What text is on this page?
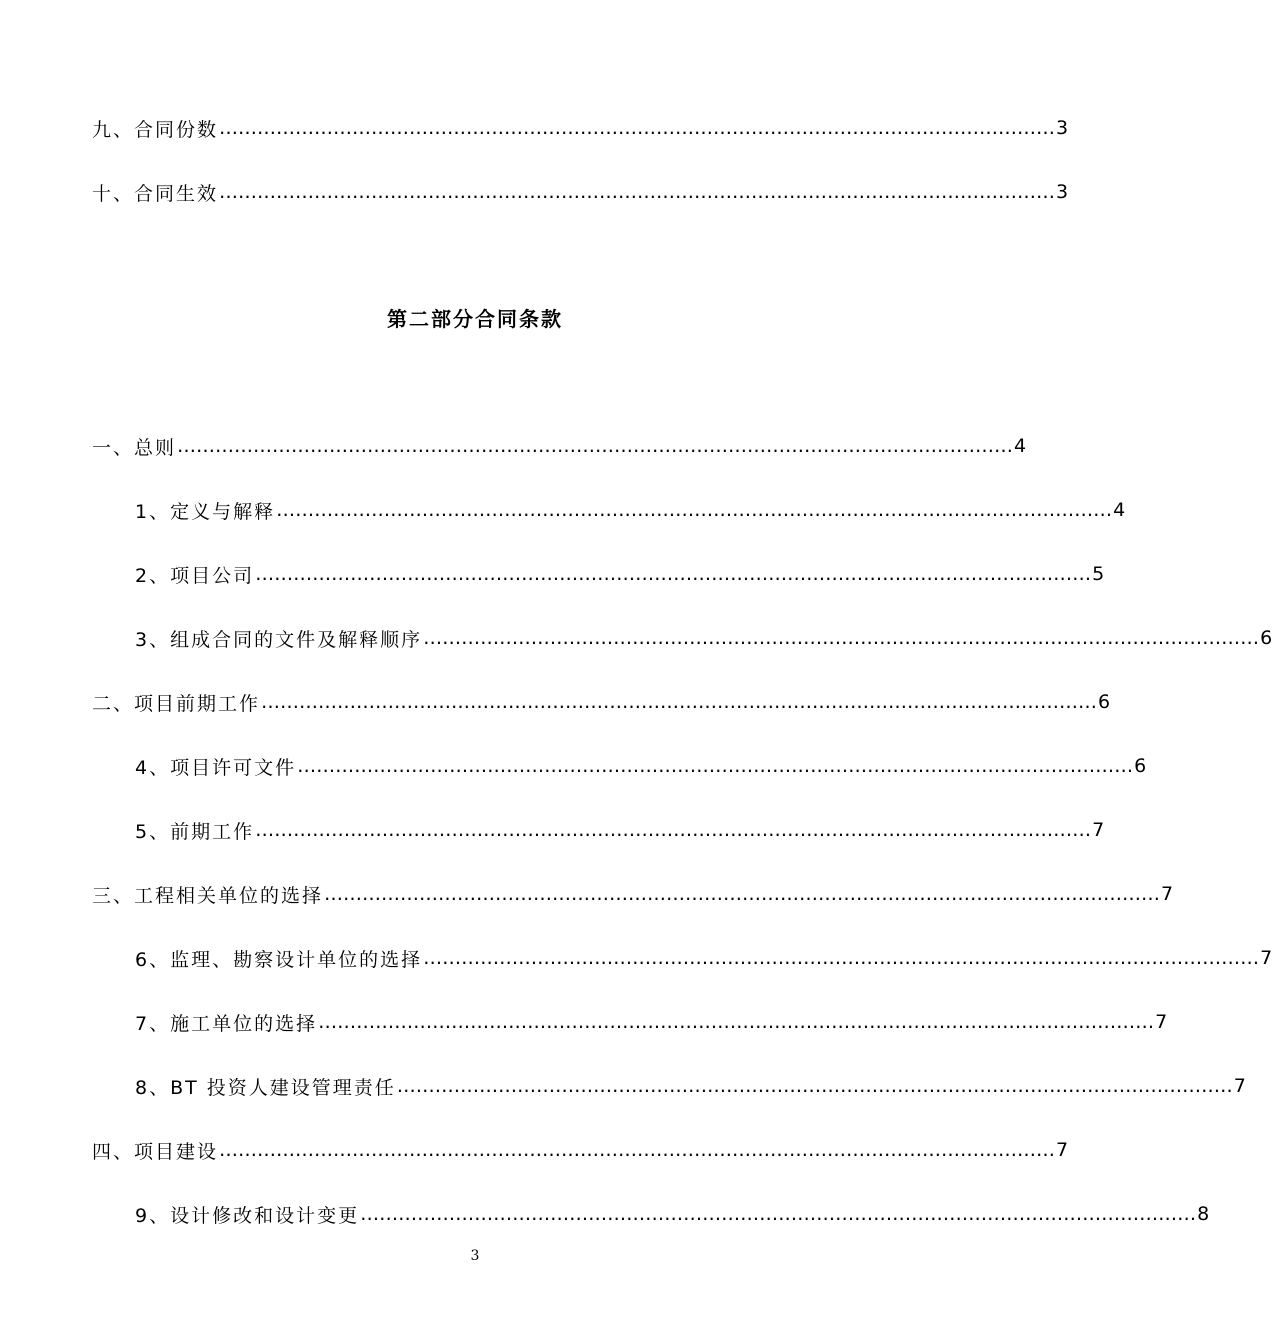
九、合同份数 …………………………………………………………………………………………………………………… 3
十、合同生效 …………………………………………………………………………………………………………………… 3
第二部分合同条款
一、总则 …………………………………………………………………………………………………………………… 4
1、定义与解释 …………………………………………………………………………………………………………………… 4
2、项目公司 …………………………………………………………………………………………………………………… 5
3、组成合同的文件及解释顺序 …………………………………………………………………………………………………………………… 6
二、项目前期工作 …………………………………………………………………………………………………………………… 6
4、项目许可文件 …………………………………………………………………………………………………………………… 6
5、前期工作 …………………………………………………………………………………………………………………… 7
三、工程相关单位的选择 …………………………………………………………………………………………………………………… 7
6、监理、勘察设计单位的选择 …………………………………………………………………………………………………………………… 7
7、施工单位的选择 …………………………………………………………………………………………………………………… 7
8、BT 投资人建设管理责任 …………………………………………………………………………………………………………………… 7
四、项目建设 …………………………………………………………………………………………………………………… 7
9、设计修改和设计变更 …………………………………………………………………………………………………………………… 8
3
